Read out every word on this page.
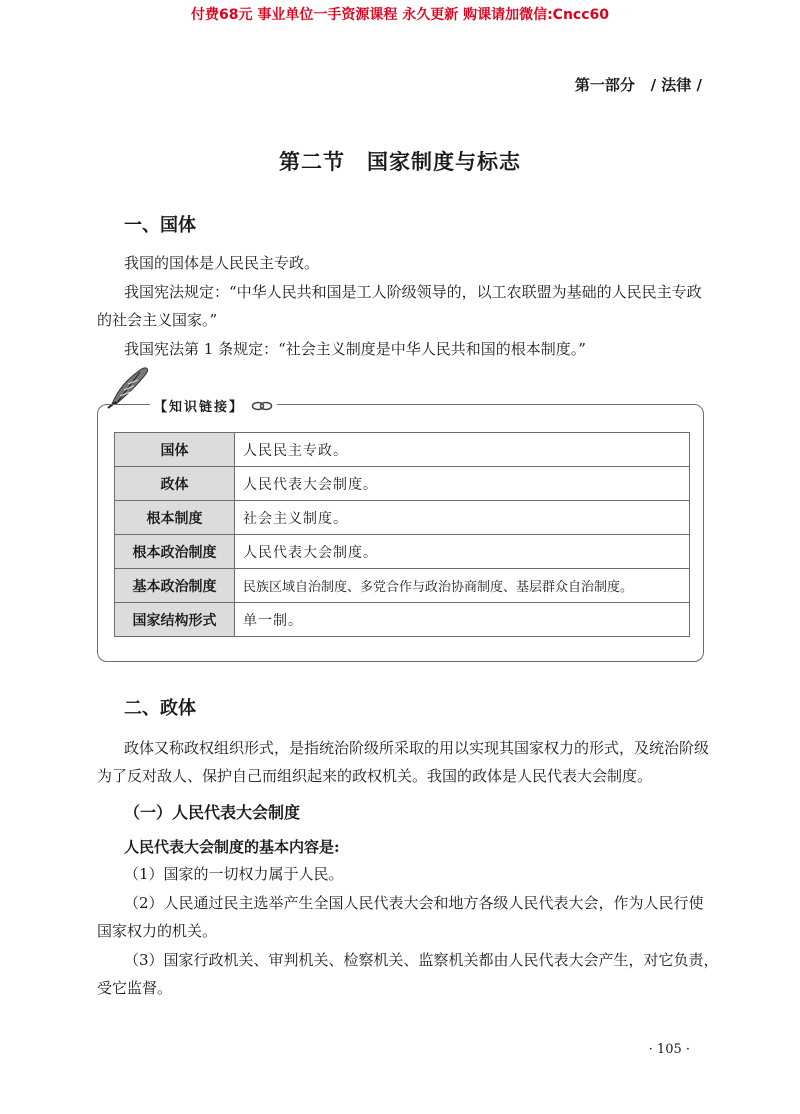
付费68元 事业单位一手资源课程 永久更新 购课请加微信:Cncc60
第一部分 / 法律 /
第二节　国家制度与标志
一、国体
我国的国体是人民民主专政。
我国宪法规定：“中华人民共和国是工人阶级领导的，以工农联盟为基础的人民民主专政
的社会主义国家。”
我国宪法第 1 条规定：“社会主义制度是中华人民共和国的根本制度。”
【知识链接】
国体	人民民主专政。
政体	人民代表大会制度。
根本制度	社会主义制度。
根本政治制度	人民代表大会制度。
基本政治制度	民族区域自治制度、多党合作与政治协商制度、基层群众自治制度。
国家结构形式	单一制。
二、政体
政体又称政权组织形式，是指统治阶级所采取的用以实现其国家权力的形式，及统治阶级
为了反对敌人、保护自己而组织起来的政权机关。我国的政体是人民代表大会制度。
（一）人民代表大会制度
人民代表大会制度的基本内容是:
（1）国家的一切权力属于人民。
（2）人民通过民主选举产生全国人民代表大会和地方各级人民代表大会，作为人民行使
国家权力的机关。
（3）国家行政机关、审判机关、检察机关、监察机关都由人民代表大会产生，对它负责，
受它监督。
· 105 ·
